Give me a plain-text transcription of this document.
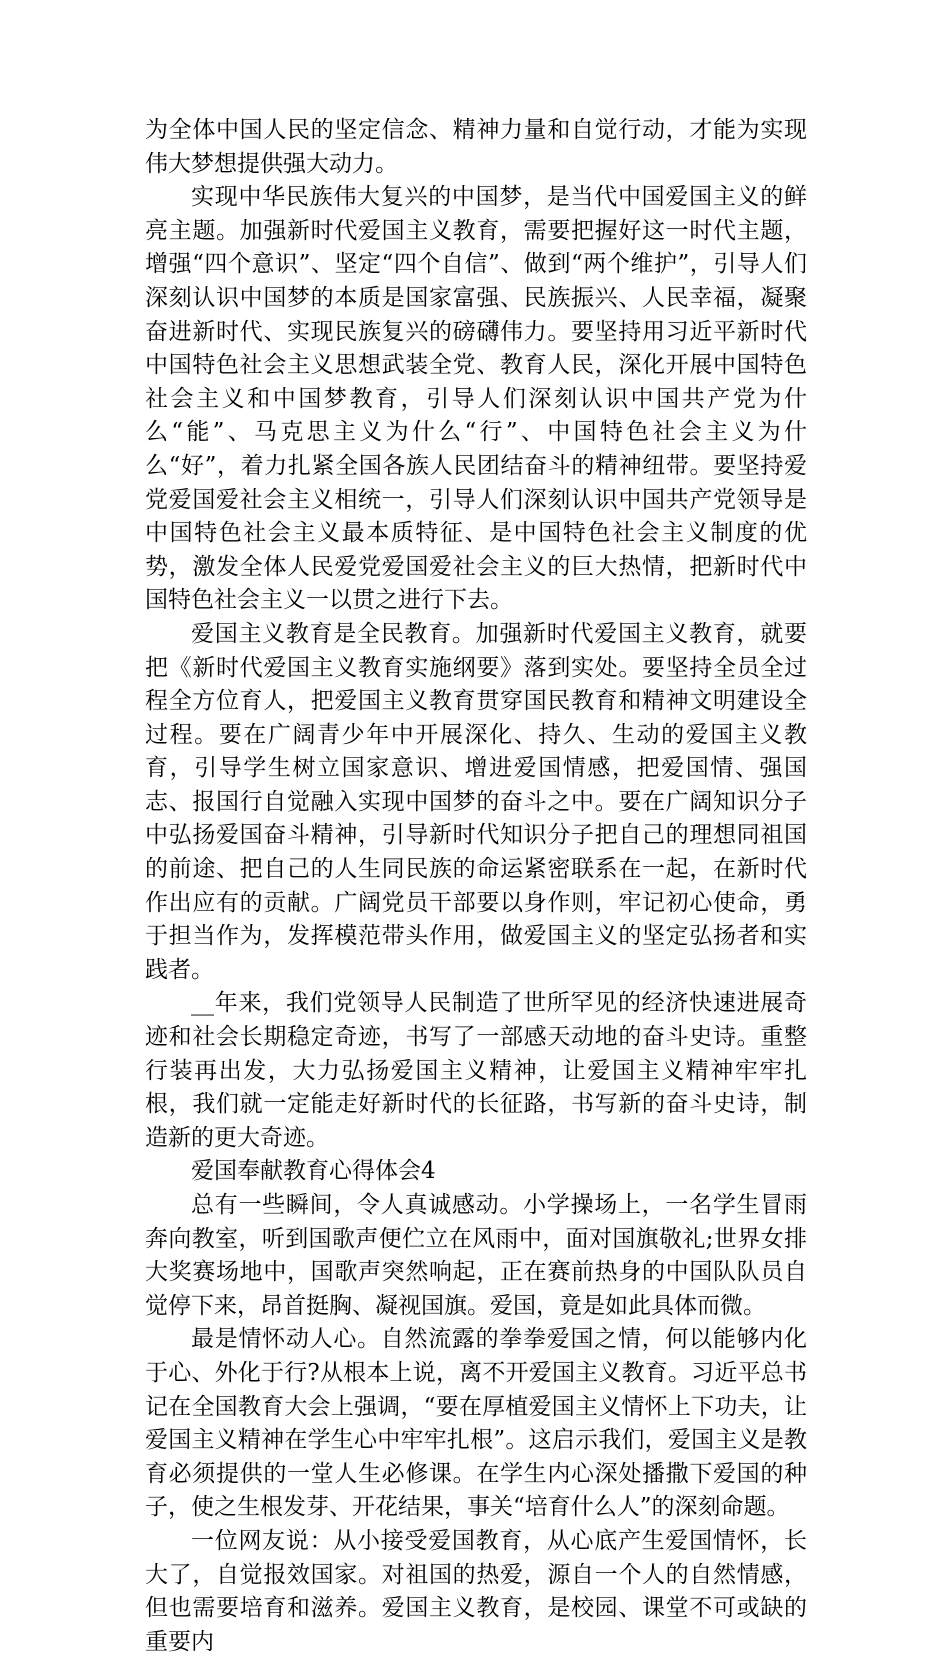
为全体中国人民的坚定信念、精神力量和自觉行动，才能为实现伟大梦想提供强大动力。

实现中华民族伟大复兴的中国梦，是当代中国爱国主义的鲜亮主题。加强新时代爱国主义教育，需要把握好这一时代主题，增强“四个意识”、坚定“四个自信”、做到“两个维护”，引导人们深刻认识中国梦的本质是国家富强、民族振兴、人民幸福，凝聚奋进新时代、实现民族复兴的磅礴伟力。要坚持用习近平新时代中国特色社会主义思想武装全党、教育人民，深化开展中国特色社会主义和中国梦教育，引导人们深刻认识中国共产党为什么“能”、马克思主义为什么“行”、中国特色社会主义为什么“好”，着力扎紧全国各族人民团结奋斗的精神纽带。要坚持爱党爱国爱社会主义相统一，引导人们深刻认识中国共产党领导是中国特色社会主义最本质特征、是中国特色社会主义制度的优势，激发全体人民爱党爱国爱社会主义的巨大热情，把新时代中国特色社会主义一以贯之进行下去。

爱国主义教育是全民教育。加强新时代爱国主义教育，就要把《新时代爱国主义教育实施纲要》落到实处。要坚持全员全过程全方位育人，把爱国主义教育贯穿国民教育和精神文明建设全过程。要在广阔青少年中开展深化、持久、生动的爱国主义教育，引导学生树立国家意识、增进爱国情感，把爱国情、强国志、报国行自觉融入实现中国梦的奋斗之中。要在广阔知识分子中弘扬爱国奋斗精神，引导新时代知识分子把自己的理想同祖国的前途、把自己的人生同民族的命运紧密联系在一起，在新时代作出应有的贡献。广阔党员干部要以身作则，牢记初心使命，勇于担当作为，发挥模范带头作用，做爱国主义的坚定弘扬者和实践者。

__年来，我们党领导人民制造了世所罕见的经济快速进展奇迹和社会长期稳定奇迹，书写了一部感天动地的奋斗史诗。重整行装再出发，大力弘扬爱国主义精神，让爱国主义精神牢牢扎根，我们就一定能走好新时代的长征路，书写新的奋斗史诗，制造新的更大奇迹。

爱国奉献教育心得体会4

总有一些瞬间，令人真诚感动。小学操场上，一名学生冒雨奔向教室，听到国歌声便伫立在风雨中，面对国旗敬礼;世界女排大奖赛场地中，国歌声突然响起，正在赛前热身的中国队队员自觉停下来，昂首挺胸、凝视国旗。爱国，竟是如此具体而微。

最是情怀动人心。自然流露的拳拳爱国之情，何以能够内化于心、外化于行?从根本上说，离不开爱国主义教育。习近平总书记在全国教育大会上强调，“要在厚植爱国主义情怀上下功夫，让爱国主义精神在学生心中牢牢扎根”。这启示我们，爱国主义是教育必须提供的一堂人生必修课。在学生内心深处播撒下爱国的种子，使之生根发芽、开花结果，事关“培育什么人”的深刻命题。

一位网友说：从小接受爱国教育，从心底产生爱国情怀，长大了，自觉报效国家。对祖国的热爱，源自一个人的自然情感，但也需要培育和滋养。爱国主义教育，是校园、课堂不可或缺的重要内
